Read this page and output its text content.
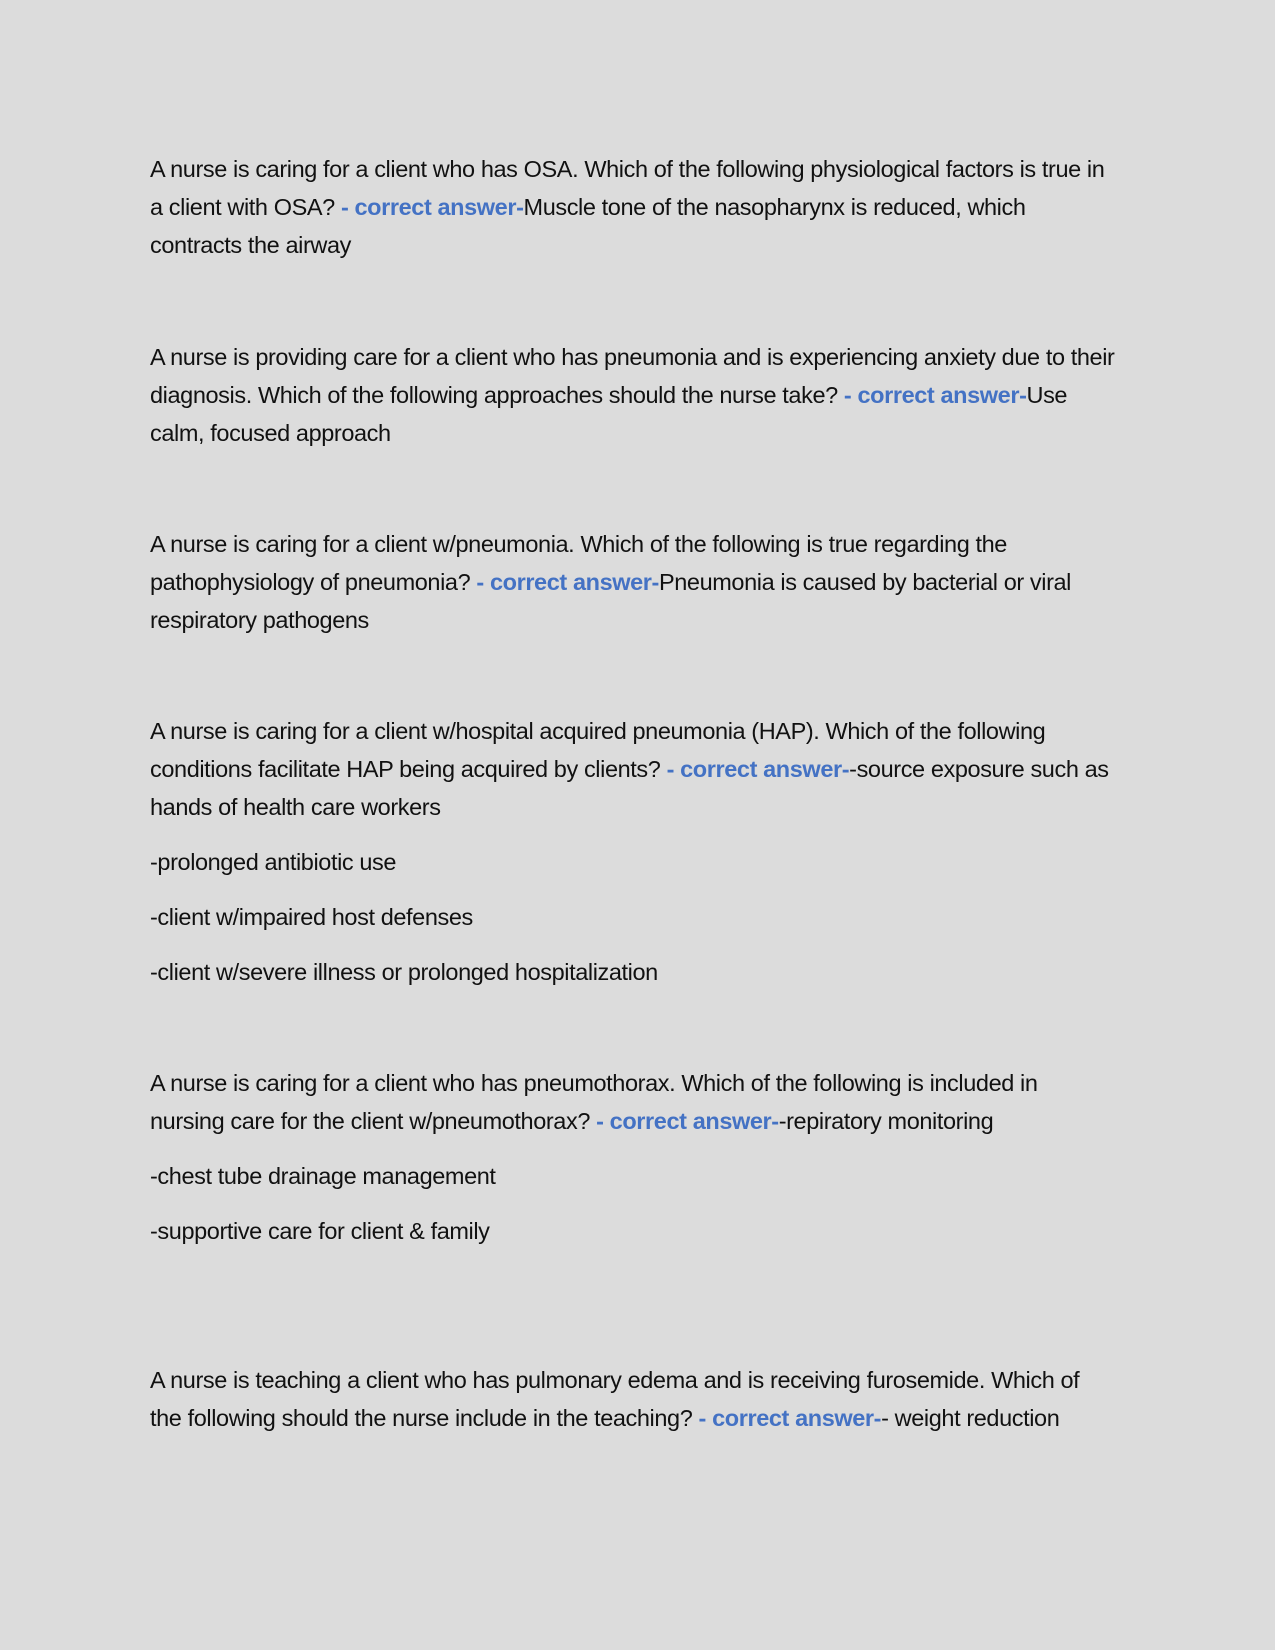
A nurse is caring for a client who has OSA. Which of the following physiological factors is true in a client with OSA? - correct answer-Muscle tone of the nasopharynx is reduced, which contracts the airway
A nurse is providing care for a client who has pneumonia and is experiencing anxiety due to their diagnosis. Which of the following approaches should the nurse take? - correct answer-Use calm, focused approach
A nurse is caring for a client w/pneumonia. Which of the following is true regarding the pathophysiology of pneumonia? - correct answer-Pneumonia is caused by bacterial or viral respiratory pathogens
A nurse is caring for a client w/hospital acquired pneumonia (HAP). Which of the following conditions facilitate HAP being acquired by clients? - correct answer--source exposure such as hands of health care workers
-prolonged antibiotic use
-client w/impaired host defenses
-client w/severe illness or prolonged hospitalization
A nurse is caring for a client who has pneumothorax. Which of the following is included in nursing care for the client w/pneumothorax? - correct answer--repiratory monitoring
-chest tube drainage management
-supportive care for client & family
A nurse is teaching a client who has pulmonary edema and is receiving furosemide. Which of the following should the nurse include in the teaching? - correct answer-- weight reduction
